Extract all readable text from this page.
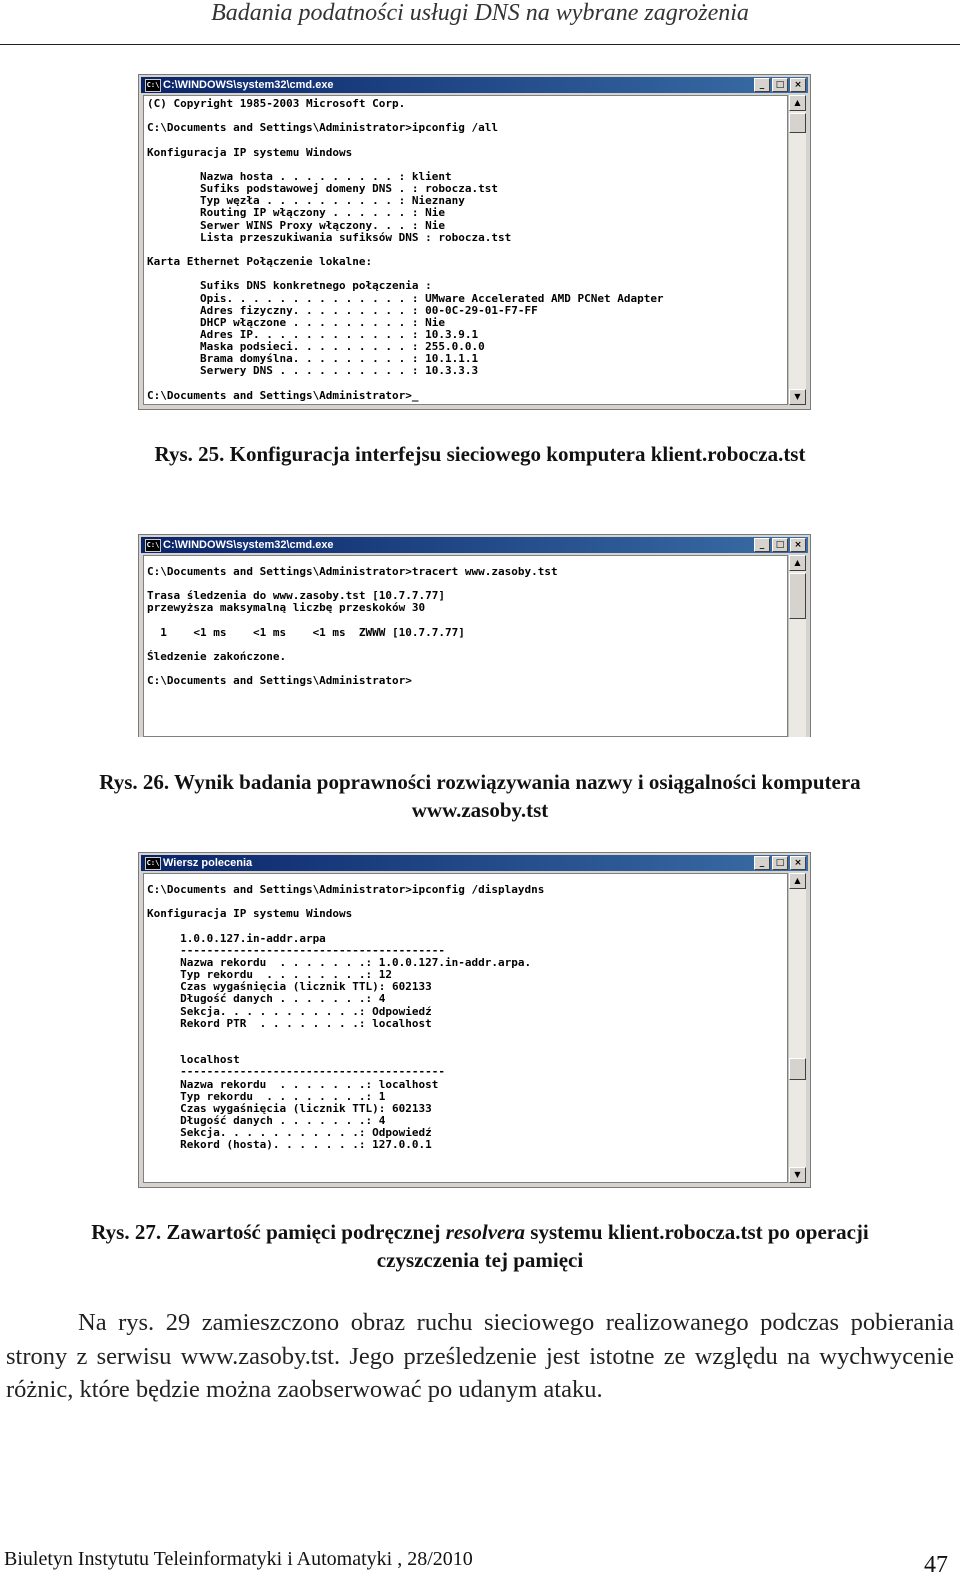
Badania podatności usługi DNS na wybrane zagrożenia
C:\ C:\WINDOWS\system32\cmd.exe	_	□	×
(C) Copyright 1985-2003 Microsoft Corp.

C:\Documents and Settings\Administrator>ipconfig /all

Konfiguracja IP systemu Windows

Nazwa hosta . . . . . . . . . : klient
Sufiks podstawowej domeny DNS . : robocza.tst
Typ węzła . . . . . . . . . . : Nieznany
Routing IP włączony . . . . . . : Nie
Serwer WINS Proxy włączony. . . : Nie
Lista przeszukiwania sufiksów DNS : robocza.tst

Karta Ethernet Połączenie lokalne:

Sufiks DNS konkretnego połączenia :
Opis. . . . . . . . . . . . . . : UMware Accelerated AMD PCNet Adapter
Adres fizyczny. . . . . . . . . : 00-0C-29-01-F7-FF
DHCP włączone . . . . . . . . . : Nie
Adres IP. . . . . . . . . . . . : 10.3.9.1
Maska podsieci. . . . . . . . . : 255.0.0.0
Brama domyślna. . . . . . . . . : 10.1.1.1
Serwery DNS . . . . . . . . . . : 10.3.3.3

C:\Documents and Settings\Administrator>_
▲
▼
Rys. 25. Konfiguracja interfejsu sieciowego komputera klient.robocza.tst
C:\ C:\WINDOWS\system32\cmd.exe	_	□	×
C:\Documents and Settings\Administrator>tracert www.zasoby.tst

Trasa śledzenia do www.zasoby.tst [10.7.7.77]
przewyższa maksymalną liczbę przeskoków 30

1    <1 ms    <1 ms    <1 ms  ZWWW [10.7.7.77]

Śledzenie zakończone.

C:\Documents and Settings\Administrator>
▲
Rys. 26. Wynik badania poprawności rozwiązywania nazwy i osiągalności komputera
www.zasoby.tst
C:\ Wiersz polecenia	_	□	×
C:\Documents and Settings\Administrator>ipconfig /displaydns

Konfiguracja IP systemu Windows

1.0.0.127.in-addr.arpa
----------------------------------------
Nazwa rekordu  . . . . . . .: 1.0.0.127.in-addr.arpa.
Typ rekordu  . . . . . . . .: 12
Czas wygaśnięcia (licznik TTL): 602133
Długość danych . . . . . . .: 4
Sekcja. . . . . . . . . . .: Odpowiedź
Rekord PTR  . . . . . . . .: localhost

localhost
----------------------------------------
Nazwa rekordu  . . . . . . .: localhost
Typ rekordu  . . . . . . . .: 1
Czas wygaśnięcia (licznik TTL): 602133
Długość danych . . . . . . .: 4
Sekcja. . . . . . . . . . .: Odpowiedź
Rekord (hosta). . . . . . .: 127.0.0.1
▲
▼
Rys. 27. Zawartość pamięci podręcznej resolvera systemu klient.robocza.tst po operacji
czyszczenia tej pamięci
Na rys. 29 zamieszczono obraz ruchu sieciowego realizowanego podczas pobierania strony z serwisu www.zasoby.tst. Jego prześledzenie jest istotne ze względu na wychwycenie różnic, które będzie można zaobserwować po udanym ataku.
Biuletyn Instytutu Teleinformatyki i Automatyki , 28/2010	47
